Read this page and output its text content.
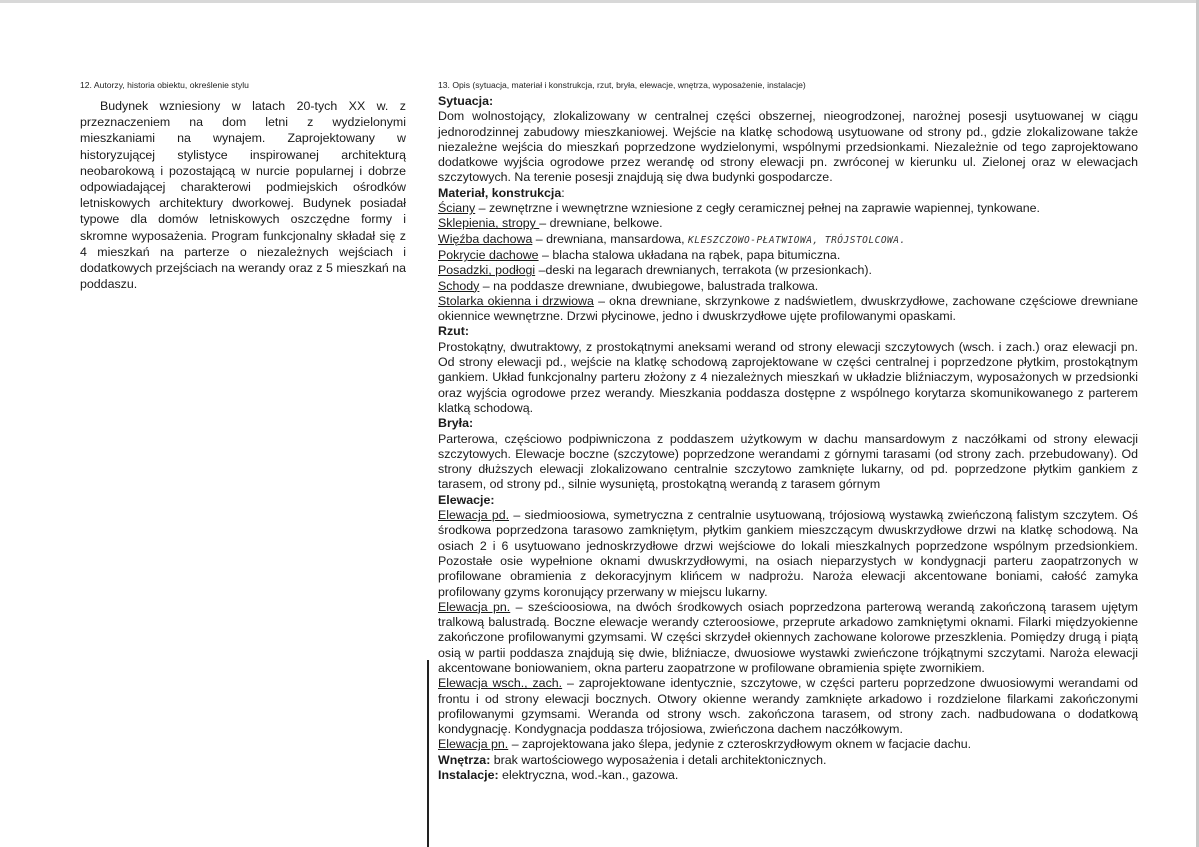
12. Autorzy, historia obiektu, określenie stylu

Budynek wzniesiony w latach 20-tych XX w. z przeznaczeniem na dom letni z wydzielonymi mieszkaniami na wynajem. Zaprojektowany w historyzującej stylistyce inspirowanej architekturą neobarokową i pozostającą w nurcie popularnej i dobrze odpowiadającej charakterowi podmiejskich ośrodków letniskowych architektury dworkowej. Budynek posiadał typowe dla domów letniskowych oszczędne formy i skromne wyposażenia. Program funkcjonalny składał się z 4 mieszkań na parterze o niezależnych wejściach i dodatkowych przejściach na werandy oraz z 5 mieszkań na poddaszu.

13. Opis (sytuacja, materiał i konstrukcja, rzut, bryła, elewacje, wnętrza, wyposażenie, instalacje)
Sytuacja:

Dom wolnostojący, zlokalizowany w centralnej części obszernej, nieogrodzonej, narożnej posesji usytuowanej w ciągu jednorodzinnej zabudowy mieszkaniowej. Wejście na klatkę schodową usytuowane od strony pd., gdzie zlokalizowane także niezależne wejścia do mieszkań poprzedzone wydzielonymi, wspólnymi przedsionkami. Niezależnie od tego zaprojektowano dodatkowe wyjścia ogrodowe przez werandę od strony elewacji pn. zwróconej w kierunku ul. Zielonej oraz w elewacjach szczytowych. Na terenie posesji znajdują się dwa budynki gospodarcze.

Materiał, konstrukcja:

Ściany – zewnętrzne i wewnętrzne wzniesione z cegły ceramicznej pełnej na zaprawie wapiennej, tynkowane.

Sklepienia, stropy – drewniane, belkowe.

Więźba dachowa – drewniana, mansardowa, KLESZCZOWO-PŁATWIOWA, TRÓJSTOLCOWA.

Pokrycie dachowe – blacha stalowa układana na rąbek, papa bitumiczna.

Posadzki, podłogi –deski na legarach drewnianych, terrakota (w przesionkach).

Schody – na poddasze drewniane, dwubiegowe, balustrada tralkowa.

Stolarka okienna i drzwiowa – okna drewniane, skrzynkowe z nadświetlem, dwuskrzydłowe, zachowane częściowe drewniane okiennice wewnętrzne. Drzwi płycinowe, jedno i dwuskrzydłowe ujęte profilowanymi opaskami.

Rzut:

Prostokątny, dwutraktowy, z prostokątnymi aneksami werand od strony elewacji szczytowych (wsch. i zach.) oraz elewacji pn. Od strony elewacji pd., wejście na klatkę schodową zaprojektowane w części centralnej i poprzedzone płytkim, prostokątnym gankiem. Układ funkcjonalny parteru złożony z 4 niezależnych mieszkań w układzie bliźniaczym, wyposażonych w przedsionki oraz wyjścia ogrodowe przez werandy. Mieszkania poddasza dostępne z wspólnego korytarza skomunikowanego z parterem klatką schodową.

Bryła:

Parterowa, częściowo podpiwniczona z poddaszem użytkowym w dachu mansardowym z naczółkami od strony elewacji szczytowych. Elewacje boczne (szczytowe) poprzedzone werandami z górnymi tarasami (od strony zach. przebudowany). Od strony dłuższych elewacji zlokalizowano centralnie szczytowo zamknięte lukarny, od pd. poprzedzone płytkim gankiem z tarasem, od strony pd., silnie wysuniętą, prostokątną werandą z tarasem górnym

Elewacje:

Elewacja pd. – siedmioosiowa, symetryczna z centralnie usytuowaną, trójosiową wystawką zwieńczoną falistym szczytem. Oś środkowa poprzedzona tarasowo zamkniętym, płytkim gankiem mieszczącym dwuskrzydłowe drzwi na klatkę schodową. Na osiach 2 i 6 usytuowano jednoskrzydłowe drzwi wejściowe do lokali mieszkalnych poprzedzone wspólnym przedsionkiem. Pozostałe osie wypełnione oknami dwuskrzydłowymi, na osiach nieparzystych w kondygnacji parteru zaopatrzonych w profilowane obramienia z dekoracyjnym klińcem w nadprożu. Naroża elewacji akcentowane boniami, całość zamyka profilowany gzyms koronujący przerwany w miejscu lukarny.

Elewacja pn. – sześcioosiowa, na dwóch środkowych osiach poprzedzona parterową werandą zakończoną tarasem ujętym tralkową balustradą. Boczne elewacje werandy czteroosiowe, przeprute arkadowo zamkniętymi oknami. Filarki międzyokienne zakończone profilowanymi gzymsami. W części skrzydeł okiennych zachowane kolorowe przeszklenia. Pomiędzy drugą i piątą osią w partii poddasza znajdują się dwie, bliźniacze, dwuosiowe wystawki zwieńczone trójkątnymi szczytami. Naroża elewacji akcentowane boniowaniem, okna parteru zaopatrzone w profilowane obramienia spięte zwornikiem.

Elewacja wsch., zach. – zaprojektowane identycznie, szczytowe, w części parteru poprzedzone dwuosiowymi werandami od frontu i od strony elewacji bocznych. Otwory okienne werandy zamknięte arkadowo i rozdzielone filarkami zakończonymi profilowanymi gzymsami. Weranda od strony wsch. zakończona tarasem, od strony zach. nadbudowana o dodatkową kondygnację. Kondygnacja poddasza trójosiowa, zwieńczona dachem naczółkowym.

Elewacja pn. – zaprojektowana jako ślepa, jedynie z czteroskrzydłowym oknem w facjacie dachu.

Wnętrza: brak wartościowego wyposażenia i detali architektonicznych.

Instalacje: elektryczna, wod.-kan., gazowa.
